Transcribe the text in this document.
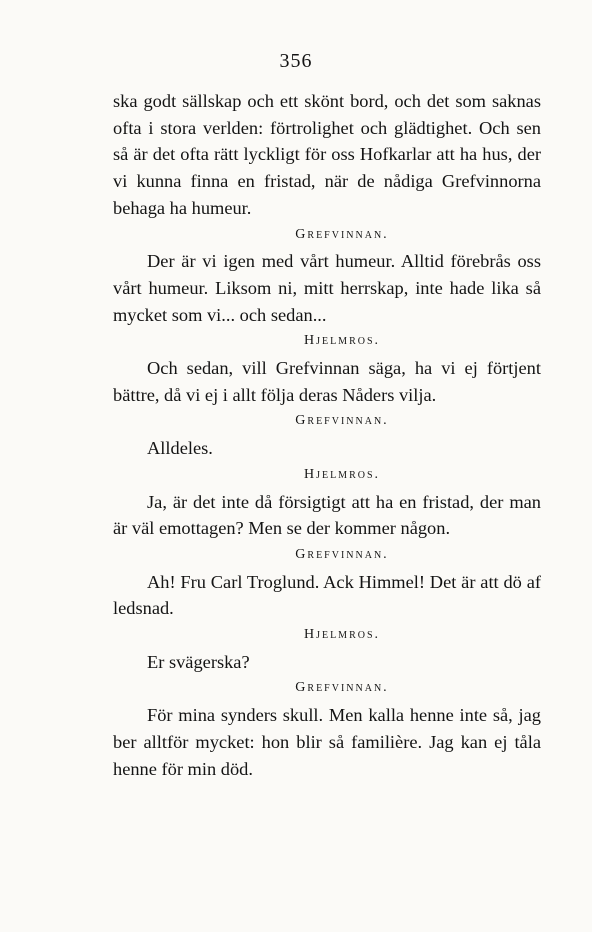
356

ska godt sällskap och ett skönt bord, och det som saknas ofta i stora verlden: förtrolighet och glädtighet. Och sen så är det ofta rätt lyckligt för oss Hofkarlar att ha hus, der vi kunna finna en fristad, när de nådiga Grefvinnorna behaga ha humeur.

Grefvinnan.

Der är vi igen med vårt humeur. Alltid förebrås oss vårt humeur. Liksom ni, mitt herrskap, inte hade lika så mycket som vi... och sedan...

Hjelmros.

Och sedan, vill Grefvinnan säga, ha vi ej förtjent bättre, då vi ej i allt följa deras Nåders vilja.

Grefvinnan.

Alldeles.

Hjelmros.

Ja, är det inte då försigtigt att ha en fristad, der man är väl emottagen? Men se der kommer någon.

Grefvinnan.

Ah! Fru Carl Troglund. Ack Himmel! Det är att dö af ledsnad.

Hjelmros.

Er svägerska?

Grefvinnan.

För mina synders skull. Men kalla henne inte så, jag ber alltför mycket: hon blir så familière. Jag kan ej tåla henne för min död.
